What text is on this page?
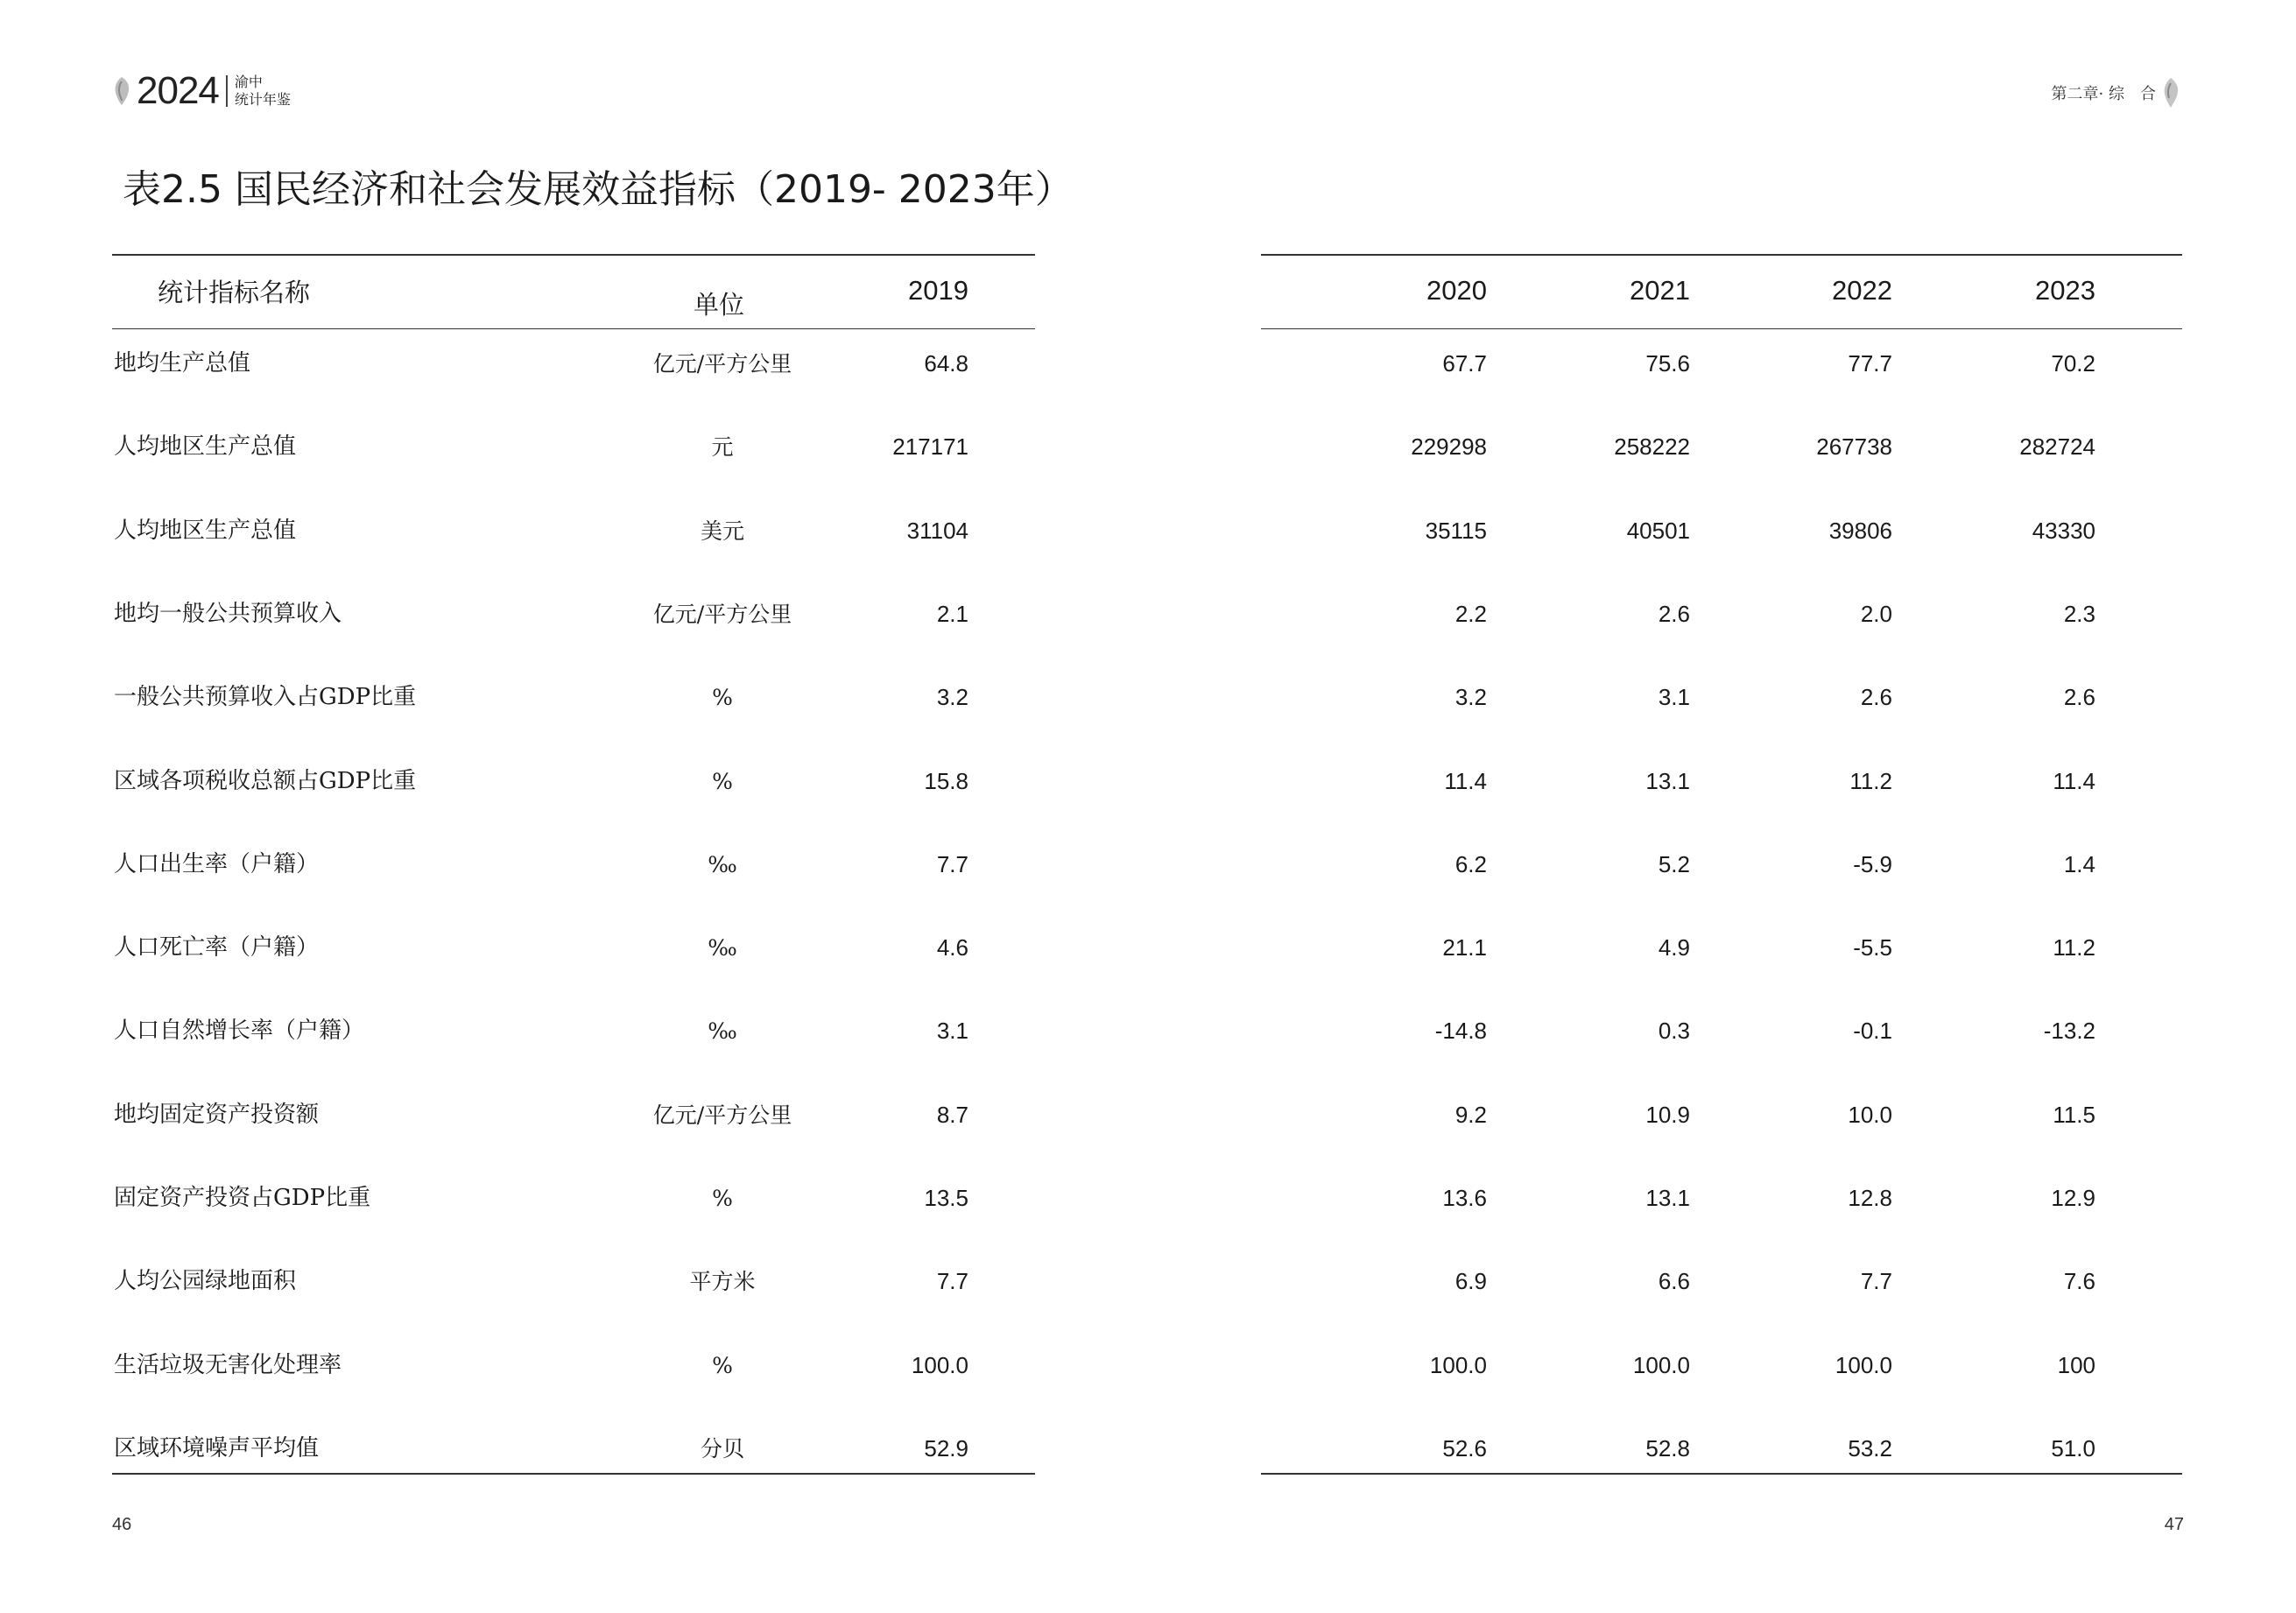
2024 渝中
统计年鉴	第二章· 综　合
表2.5 国民经济和社会发展效益指标（2019- 2023年）
统计指标名称	单位	2019	2020	2021	2022	2023
地均生产总值	亿元/平方公里	64.8	67.7	75.6	77.7	70.2
人均地区生产总值	元	217171	229298	258222	267738	282724
人均地区生产总值	美元	31104	35115	40501	39806	43330
地均一般公共预算收入	亿元/平方公里	2.1	2.2	2.6	2.0	2.3
一般公共预算收入占GDP比重	%	3.2	3.2	3.1	2.6	2.6
区域各项税收总额占GDP比重	%	15.8	11.4	13.1	11.2	11.4
人口出生率（户籍）	‰	7.7	6.2	5.2	-5.9	1.4
人口死亡率（户籍）	‰	4.6	21.1	4.9	-5.5	11.2
人口自然增长率（户籍）	‰	3.1	-14.8	0.3	-0.1	-13.2
地均固定资产投资额	亿元/平方公里	8.7	9.2	10.9	10.0	11.5
固定资产投资占GDP比重	%	13.5	13.6	13.1	12.8	12.9
人均公园绿地面积	平方米	7.7	6.9	6.6	7.7	7.6
生活垃圾无害化处理率	%	100.0	100.0	100.0	100.0	100
区域环境噪声平均值	分贝	52.9	52.6	52.8	53.2	51.0
46	47
